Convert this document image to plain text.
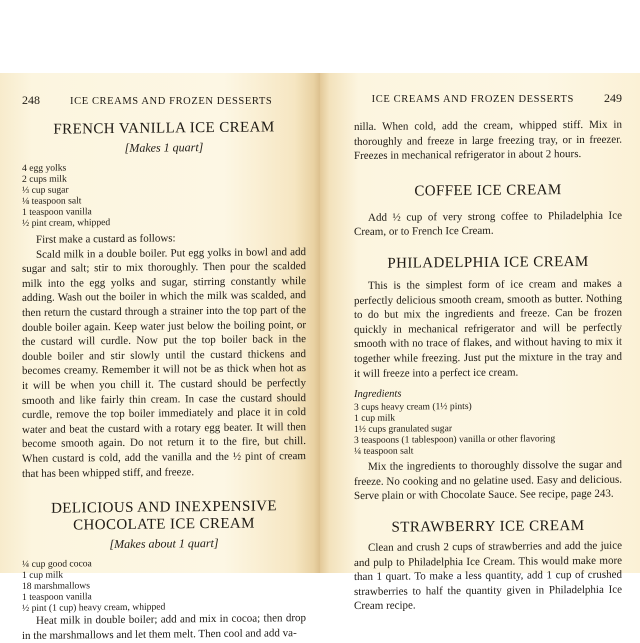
248	ICE CREAMS AND FROZEN DESSERTS
FRENCH VANILLA ICE CREAM
[Makes 1 quart]
4 egg yolks
2 cups milk
⅓ cup sugar
⅛ teaspoon salt
1 teaspoon vanilla
½ pint cream, whipped

First make a custard as follows:

Scald milk in a double boiler. Put egg yolks in bowl and add sugar and salt; stir to mix thoroughly. Then pour the scalded milk into the egg yolks and sugar, stirring constantly while adding. Wash out the boiler in which the milk was scalded, and then return the custard through a strainer into the top part of the double boiler again. Keep water just below the boiling point, or the custard will curdle. Now put the top boiler back in the double boiler and stir slowly until the custard thickens and becomes creamy. Remember it will not be as thick when hot as it will be when you chill it. The custard should be perfectly smooth and like fairly thin cream. In case the custard should curdle, remove the top boiler immediately and place it in cold water and beat the custard with a rotary egg beater. It will then become smooth again. Do not return it to the fire, but chill. When custard is cold, add the vanilla and the ½ pint of cream that has been whipped stiff, and freeze.

DELICIOUS AND INEXPENSIVE
CHOCOLATE ICE CREAM
[Makes about 1 quart]
¼ cup good cocoa
1 cup milk
18 marshmallows
1 teaspoon vanilla
½ pint (1 cup) heavy cream, whipped

Heat milk in double boiler; add and mix in cocoa; then drop in the marshmallows and let them melt. Then cool and add va-

ICE CREAMS AND FROZEN DESSERTS	249

nilla. When cold, add the cream, whipped stiff. Mix in thoroughly and freeze in large freezing tray, or in freezer. Freezes in mechanical refrigerator in about 2 hours.

COFFEE ICE CREAM

Add ½ cup of very strong coffee to Philadelphia Ice Cream, or to French Ice Cream.

PHILADELPHIA ICE CREAM

This is the simplest form of ice cream and makes a perfectly delicious smooth cream, smooth as butter. Nothing to do but mix the ingredients and freeze. Can be frozen quickly in mechanical refrigerator and will be perfectly smooth with no trace of flakes, and without having to mix it together while freezing. Just put the mixture in the tray and it will freeze into a perfect ice cream.

Ingredients
3 cups heavy cream (1½ pints)
1 cup milk
1½ cups granulated sugar
3 teaspoons (1 tablespoon) vanilla or other flavoring
¼ teaspoon salt

Mix the ingredients to thoroughly dissolve the sugar and freeze. No cooking and no gelatine used. Easy and delicious. Serve plain or with Chocolate Sauce. See recipe, page 243.

STRAWBERRY ICE CREAM

Clean and crush 2 cups of strawberries and add the juice and pulp to Philadelphia Ice Cream. This would make more than 1 quart. To make a less quantity, add 1 cup of crushed strawberries to half the quantity given in Philadelphia Ice Cream recipe.
